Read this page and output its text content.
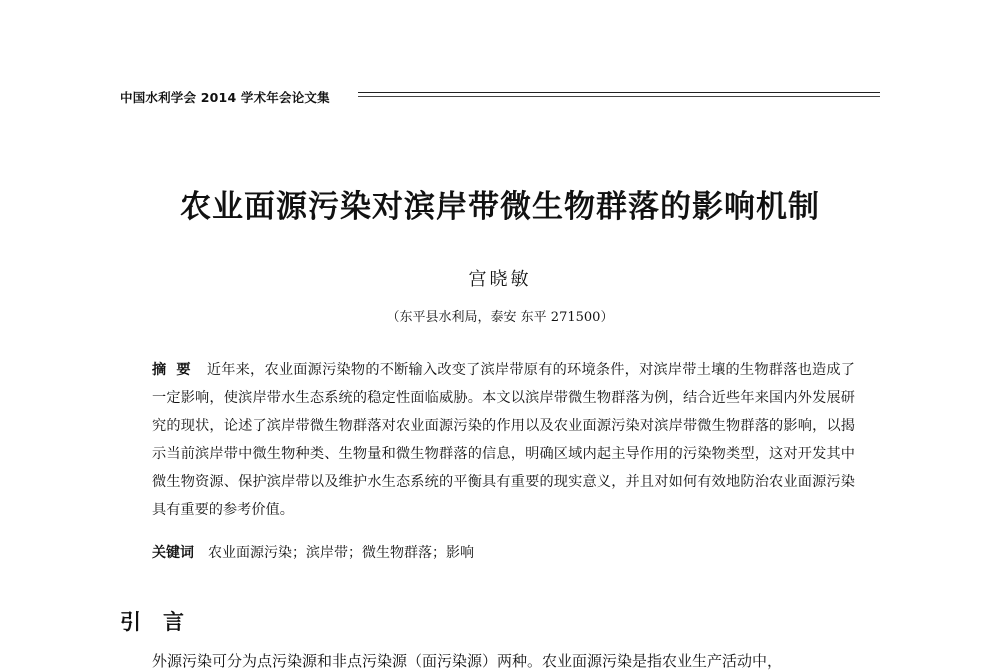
中国水利学会 2014 学术年会论文集
农业面源污染对滨岸带微生物群落的影响机制
宫晓敏
（东平县水利局，泰安 东平 271500）
摘要 近年来，农业面源污染物的不断输入改变了滨岸带原有的环境条件，对滨岸带土壤的生物群落也造成了一定影响，使滨岸带水生态系统的稳定性面临威胁。本文以滨岸带微生物群落为例，结合近些年来国内外发展研究的现状，论述了滨岸带微生物群落对农业面源污染的作用以及农业面源污染对滨岸带微生物群落的影响，以揭示当前滨岸带中微生物种类、生物量和微生物群落的信息，明确区域内起主导作用的污染物类型，这对开发其中微生物资源、保护滨岸带以及维护水生态系统的平衡具有重要的现实意义，并且对如何有效地防治农业面源污染具有重要的参考价值。
关键词 农业面源污染；滨岸带；微生物群落；影响
引言
外源污染可分为点污染源和非点污染源（面污染源）两种。农业面源污染是指农业生产活动中，
